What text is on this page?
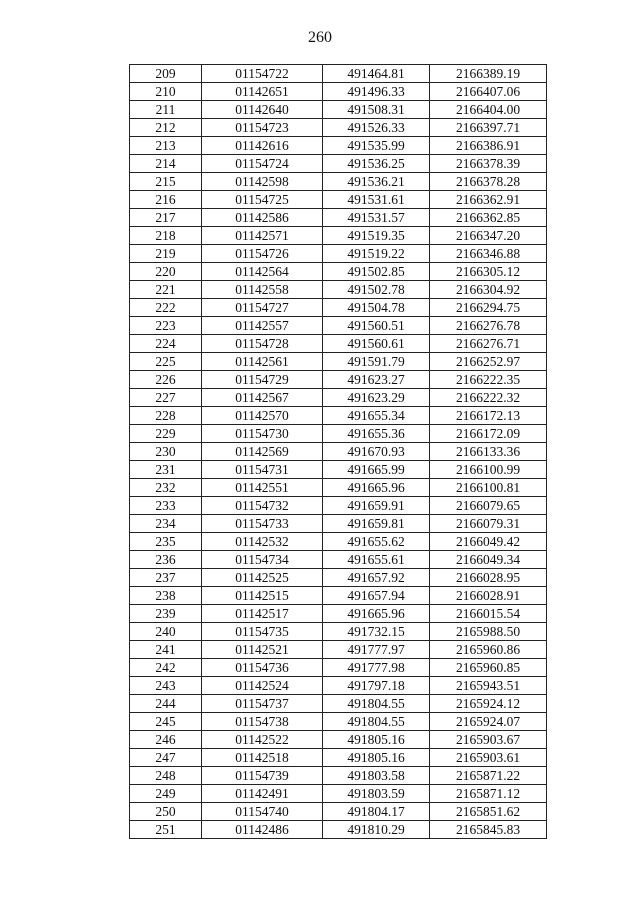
260
209	01154722	491464.81	2166389.19
210	01142651	491496.33	2166407.06
211	01142640	491508.31	2166404.00
212	01154723	491526.33	2166397.71
213	01142616	491535.99	2166386.91
214	01154724	491536.25	2166378.39
215	01142598	491536.21	2166378.28
216	01154725	491531.61	2166362.91
217	01142586	491531.57	2166362.85
218	01142571	491519.35	2166347.20
219	01154726	491519.22	2166346.88
220	01142564	491502.85	2166305.12
221	01142558	491502.78	2166304.92
222	01154727	491504.78	2166294.75
223	01142557	491560.51	2166276.78
224	01154728	491560.61	2166276.71
225	01142561	491591.79	2166252.97
226	01154729	491623.27	2166222.35
227	01142567	491623.29	2166222.32
228	01142570	491655.34	2166172.13
229	01154730	491655.36	2166172.09
230	01142569	491670.93	2166133.36
231	01154731	491665.99	2166100.99
232	01142551	491665.96	2166100.81
233	01154732	491659.91	2166079.65
234	01154733	491659.81	2166079.31
235	01142532	491655.62	2166049.42
236	01154734	491655.61	2166049.34
237	01142525	491657.92	2166028.95
238	01142515	491657.94	2166028.91
239	01142517	491665.96	2166015.54
240	01154735	491732.15	2165988.50
241	01142521	491777.97	2165960.86
242	01154736	491777.98	2165960.85
243	01142524	491797.18	2165943.51
244	01154737	491804.55	2165924.12
245	01154738	491804.55	2165924.07
246	01142522	491805.16	2165903.67
247	01142518	491805.16	2165903.61
248	01154739	491803.58	2165871.22
249	01142491	491803.59	2165871.12
250	01154740	491804.17	2165851.62
251	01142486	491810.29	2165845.83
